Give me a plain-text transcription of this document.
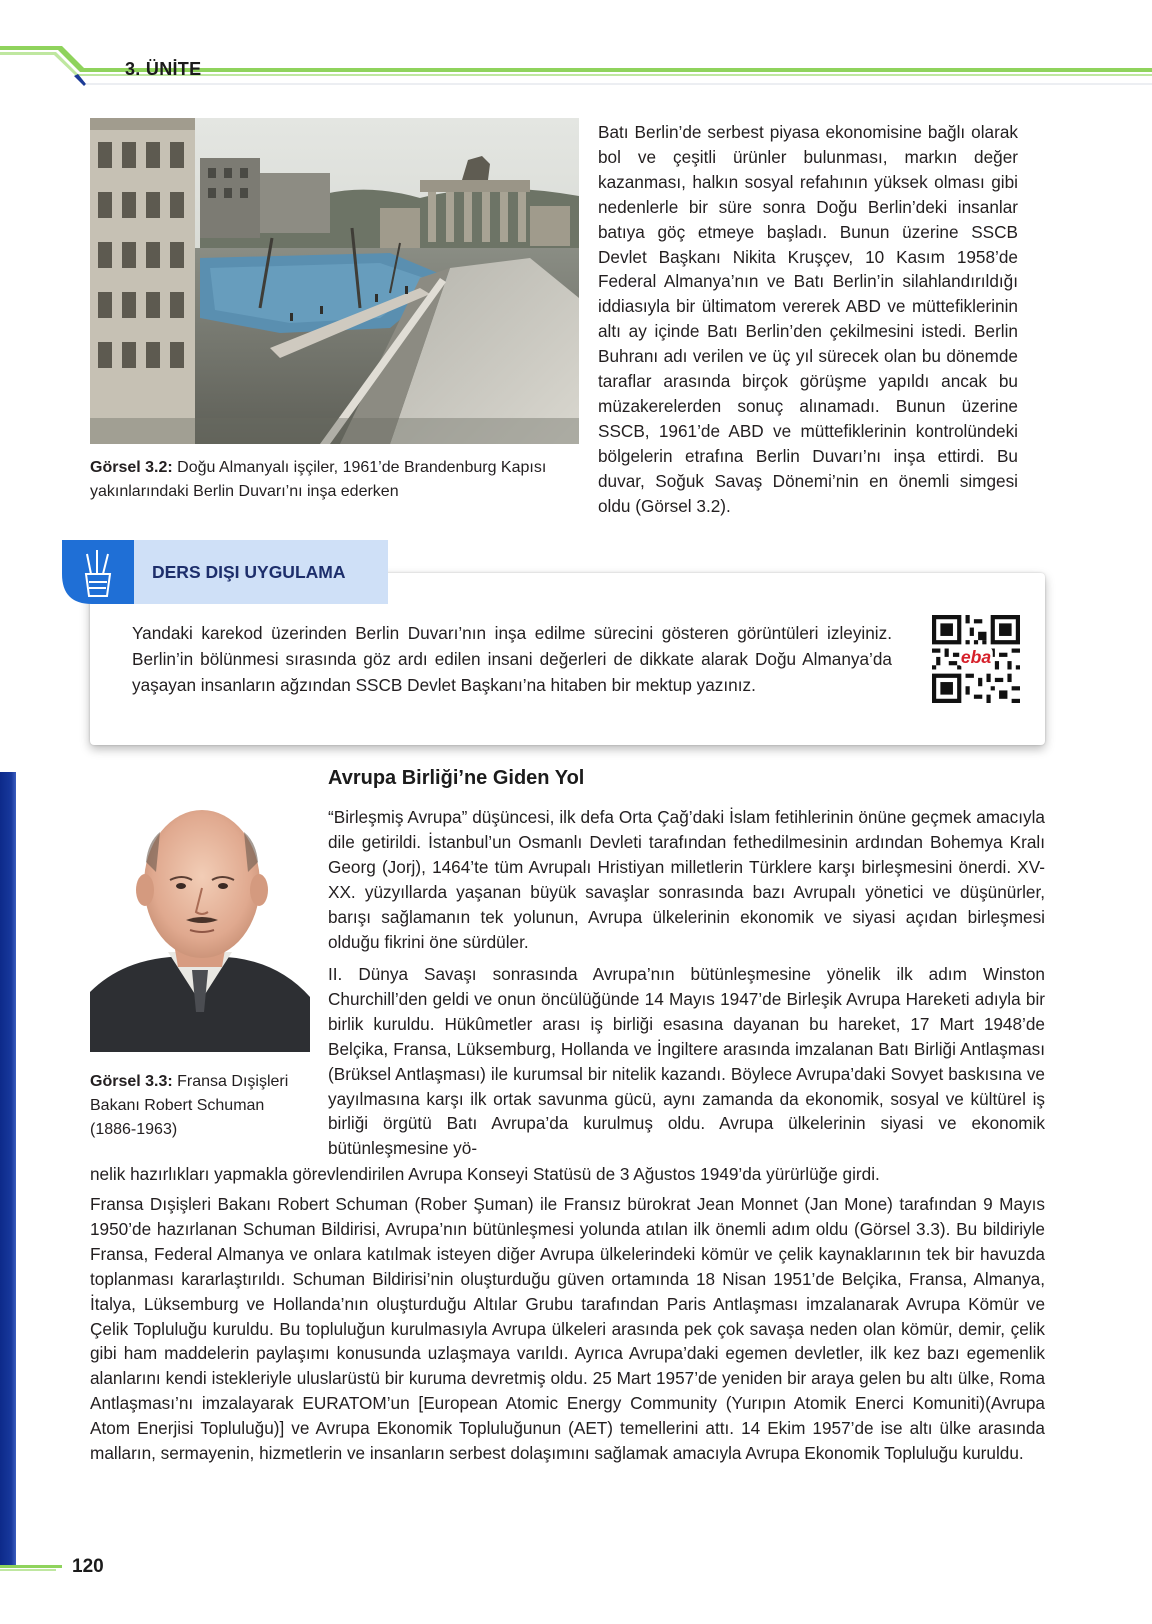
3. ÜNİTE
Görsel 3.2: Doğu Almanyalı işçiler, 1961’de Brandenburg Kapısı yakınlarındaki Berlin Duvarı’nı inşa ederken
Batı Berlin’de serbest piyasa ekonomisine bağlı olarak bol ve çeşitli ürünler bulunması, markın değer kazanması, halkın sosyal refahının yüksek olması gibi nedenlerle bir süre sonra Doğu Berlin’deki insanlar batıya göç etmeye başladı. Bunun üzerine SSCB Devlet Başkanı Nikita Kruşçev, 10 Kasım 1958’de Federal Almanya’nın ve Batı Berlin’in silahlandırıldığı iddiasıyla bir ültimatom vererek ABD ve müttefiklerinin altı ay içinde Batı Berlin’den çekilmesini istedi. Berlin Buhranı adı verilen ve üç yıl sürecek olan bu dönemde taraflar arasında birçok görüşme yapıldı ancak bu müzakerelerden sonuç alınamadı. Bunun üzerine SSCB, 1961’de ABD ve müttefiklerinin kontrolündeki bölgelerin etrafına Berlin Duvarı’nı inşa ettirdi. Bu duvar, Soğuk Savaş Dönemi’nin en önemli simgesi oldu (Görsel 3.2).
DERS DIŞI UYGULAMA
Yandaki karekod üzerinden Berlin Duvarı’nın inşa edilme sürecini gösteren görüntüleri izleyiniz. Berlin’in bölünmesi sırasında göz ardı edilen insani değerleri de dikkate alarak Doğu Almanya’da yaşayan insanların ağzından SSCB Devlet Başkanı’na hitaben bir mektup yazınız.
eba
Avrupa Birliği’ne Giden Yol
Görsel 3.3: Fransa Dışişleri Bakanı Robert Schuman (1886-1963)
“Birleşmiş Avrupa” düşüncesi, ilk defa Orta Çağ’daki İslam fetihlerinin önüne geçmek amacıyla dile getirildi. İstanbul’un Osmanlı Devleti tarafından fethedilmesinin ardından Bohemya Kralı Georg (Jorj), 1464’te tüm Avrupalı Hristiyan milletlerin Türklere karşı birleşmesini önerdi. XV-XX. yüzyıllarda yaşanan büyük savaşlar sonrasında bazı Avrupalı yönetici ve düşünürler, barışı sağlamanın tek yolunun, Avrupa ülkelerinin ekonomik ve siyasi açıdan birleşmesi olduğu fikrini öne sürdüler.
II. Dünya Savaşı sonrasında Avrupa’nın bütünleşmesine yönelik ilk adım Winston Churchill’den geldi ve onun öncülüğünde 14 Mayıs 1947’de Birleşik Avrupa Hareketi adıyla bir birlik kuruldu. Hükûmetler arası iş birliği esasına dayanan bu hareket, 17 Mart 1948’de Belçika, Fransa, Lüksemburg, Hollanda ve İngiltere arasında imzalanan Batı Birliği Antlaşması (Brüksel Antlaşması) ile kurumsal bir nitelik kazandı. Böylece Avrupa’daki Sovyet baskısına ve yayılmasına karşı ilk ortak savunma gücü, aynı zamanda da ekonomik, sosyal ve kültürel iş birliği örgütü Batı Avrupa’da kurulmuş oldu. Avrupa ülkelerinin siyasi ve ekonomik bütünleşmesine yö-
nelik hazırlıkları yapmakla görevlendirilen Avrupa Konseyi Statüsü de 3 Ağustos 1949’da yürürlüğe girdi.
Fransa Dışişleri Bakanı Robert Schuman (Rober Şuman) ile Fransız bürokrat Jean Monnet (Jan Mone) tarafından 9 Mayıs 1950’de hazırlanan Schuman Bildirisi, Avrupa’nın bütünleşmesi yolunda atılan ilk önemli adım oldu (Görsel 3.3). Bu bildiriyle Fransa, Federal Almanya ve onlara katılmak isteyen diğer Avrupa ülkelerindeki kömür ve çelik kaynaklarının tek bir havuzda toplanması kararlaştırıldı. Schuman Bildirisi’nin oluşturduğu güven ortamında 18 Nisan 1951’de Belçika, Fransa, Almanya, İtalya, Lüksemburg ve Hollanda’nın oluşturduğu Altılar Grubu tarafından Paris Antlaşması imzalanarak Avrupa Kömür ve Çelik Topluluğu kuruldu. Bu topluluğun kurulmasıyla Avrupa ülkeleri arasında pek çok savaşa neden olan kömür, demir, çelik gibi ham maddelerin paylaşımı konusunda uzlaşmaya varıldı. Ayrıca Avrupa’daki egemen devletler, ilk kez bazı egemenlik alanlarını kendi istekleriyle uluslarüstü bir kuruma devretmiş oldu. 25 Mart 1957’de yeniden bir araya gelen bu altı ülke, Roma Antlaşması’nı imzalayarak EURATOM’un [European Atomic Energy Community (Yurıpın Atomik Enerci Komuniti)(Avrupa Atom Enerjisi Topluluğu)] ve Avrupa Ekonomik Topluluğunun (AET) temellerini attı. 14 Ekim 1957’de ise altı ülke arasında malların, sermayenin, hizmetlerin ve insanların serbest dolaşımını sağlamak amacıyla Avrupa Ekonomik Topluluğu kuruldu.
120
